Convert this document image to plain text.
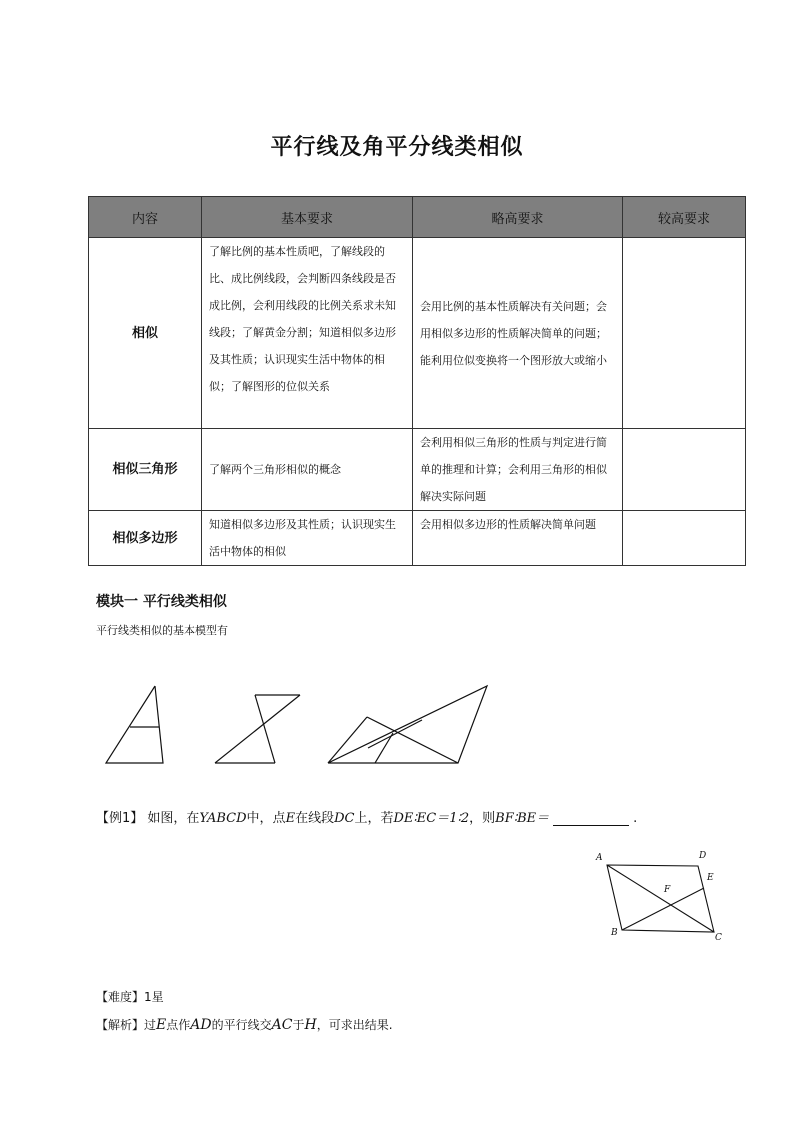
平行线及角平分线类相似
内容	基本要求	略高要求	较高要求
相似	了解比例的基本性质吧，了解线段的比、成比例线段，会判断四条线段是否成比例，会利用线段的比例关系求未知线段；了解黄金分割；知道相似多边形及其性质；认识现实生活中物体的相似；了解图形的位似关系	会用比例的基本性质解决有关问题；会用相似多边形的性质解决简单的问题；能利用位似变换将一个图形放大或缩小	
相似三角形	了解两个三角形相似的概念	会利用相似三角形的性质与判定进行简单的推理和计算；会利用三角形的相似解决实际问题	
相似多边形	知道相似多边形及其性质；认识现实生活中物体的相似	会用相似多边形的性质解决简单问题	
模块一 平行线类相似
平行线类相似的基本模型有
【例1】 如图，在YABCD中，点E在线段DC上，若DE∶EC＝1∶2，则BF∶BE＝	.
A	D
E
F
B	C
【难度】1星
【解析】过E点作AD的平行线交AC于H，可求出结果.
